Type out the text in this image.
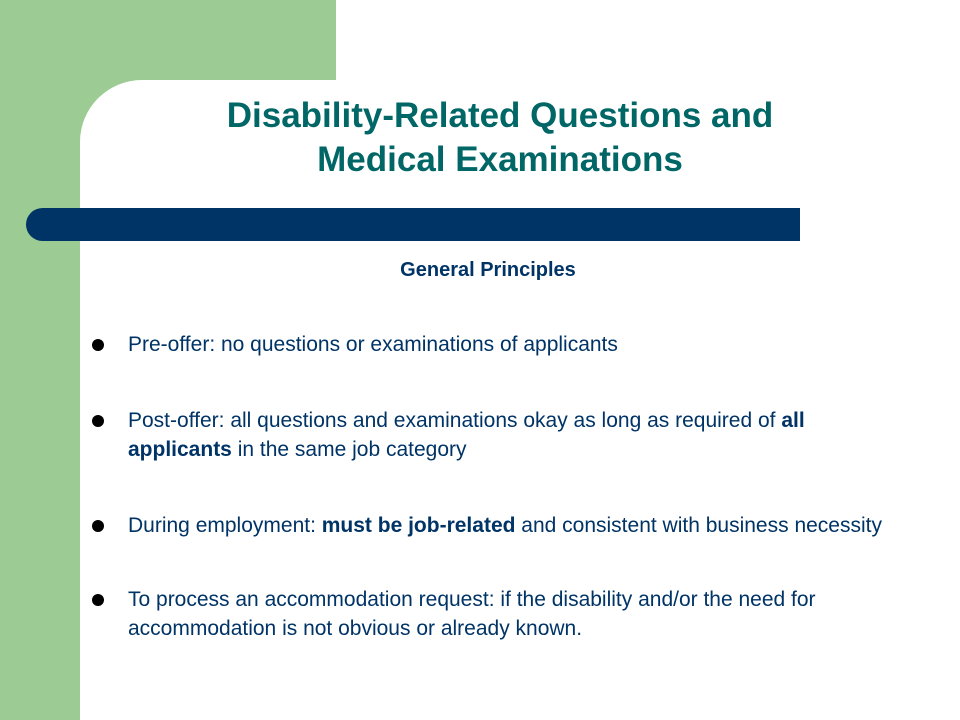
Disability-Related Questions and
Medical Examinations
General Principles
Pre-offer: no questions or examinations of applicants
Post-offer: all questions and examinations okay as long as required of all applicants in the same job category
During employment: must be job-related and consistent with business necessity
To process an accommodation request: if the disability and/or the need for accommodation is not obvious or already known.
